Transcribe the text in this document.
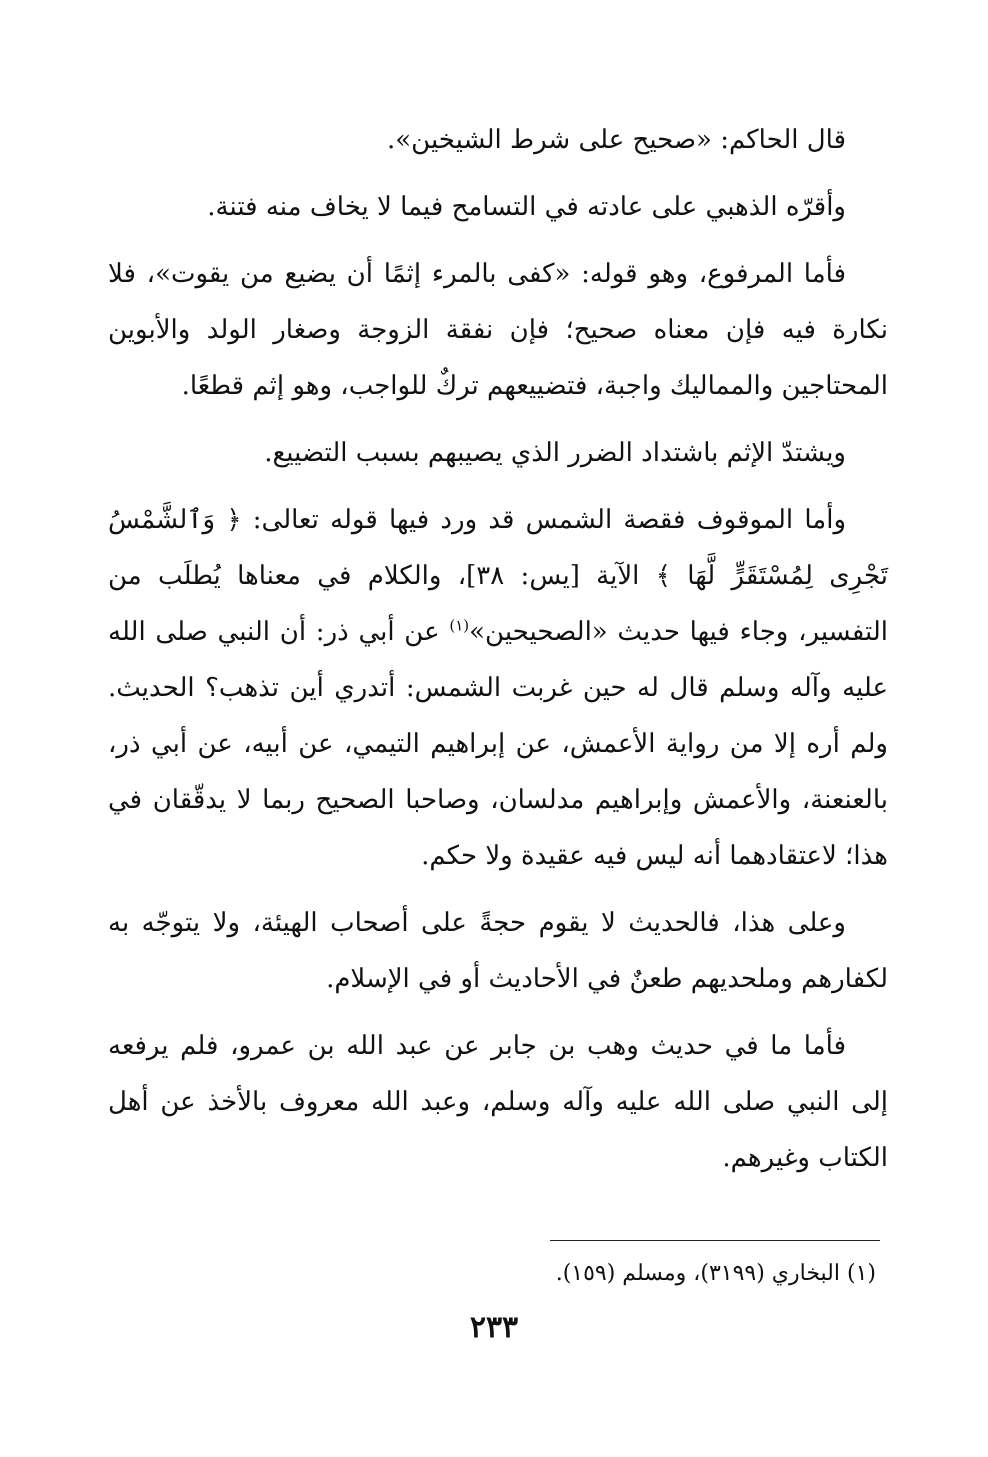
قال الحاكم: «صحيح على شرط الشيخين».

وأقرّه الذهبي على عادته في التسامح فيما لا يخاف منه فتنة.

فأما المرفوع، وهو قوله: «كفى بالمرء إثمًا أن يضيع من يقوت»، فلا نكارة فيه فإن معناه صحيح؛ فإن نفقة الزوجة وصغار الولد والأبوين المحتاجين والمماليك واجبة، فتضييعهم تركٌ للواجب، وهو إثم قطعًا.

ويشتدّ الإثم باشتداد الضرر الذي يصيبهم بسبب التضييع.

وأما الموقوف فقصة الشمس قد ورد فيها قوله تعالى: ﴿ وَٱلشَّمْسُ تَجْرِى لِمُسْتَقَرٍّ لَّهَا ﴾ الآية [يس: ٣٨]، والكلام في معناها يُطلَب من التفسير، وجاء فيها حديث «الصحيحين»$^{(١)}$ عن أبي ذر: أن النبي صلى الله عليه وآله وسلم قال له حين غربت الشمس: أتدري أين تذهب؟ الحديث. ولم أره إلا من رواية الأعمش، عن إبراهيم التيمي، عن أبيه، عن أبي ذر، بالعنعنة، والأعمش وإبراهيم مدلسان، وصاحبا الصحيح ربما لا يدقّقان في هذا؛ لاعتقادهما أنه ليس فيه عقيدة ولا حكم.

وعلى هذا، فالحديث لا يقوم حجةً على أصحاب الهيئة، ولا يتوجّه به لكفارهم وملحديهم طعنٌ في الأحاديث أو في الإسلام.

فأما ما في حديث وهب بن جابر عن عبد الله بن عمرو، فلم يرفعه إلى النبي صلى الله عليه وآله وسلم، وعبد الله معروف بالأخذ عن أهل الكتاب وغيرهم.

(١) البخاري (٣١٩٩)، ومسلم (١٥٩).
٢٣٣
